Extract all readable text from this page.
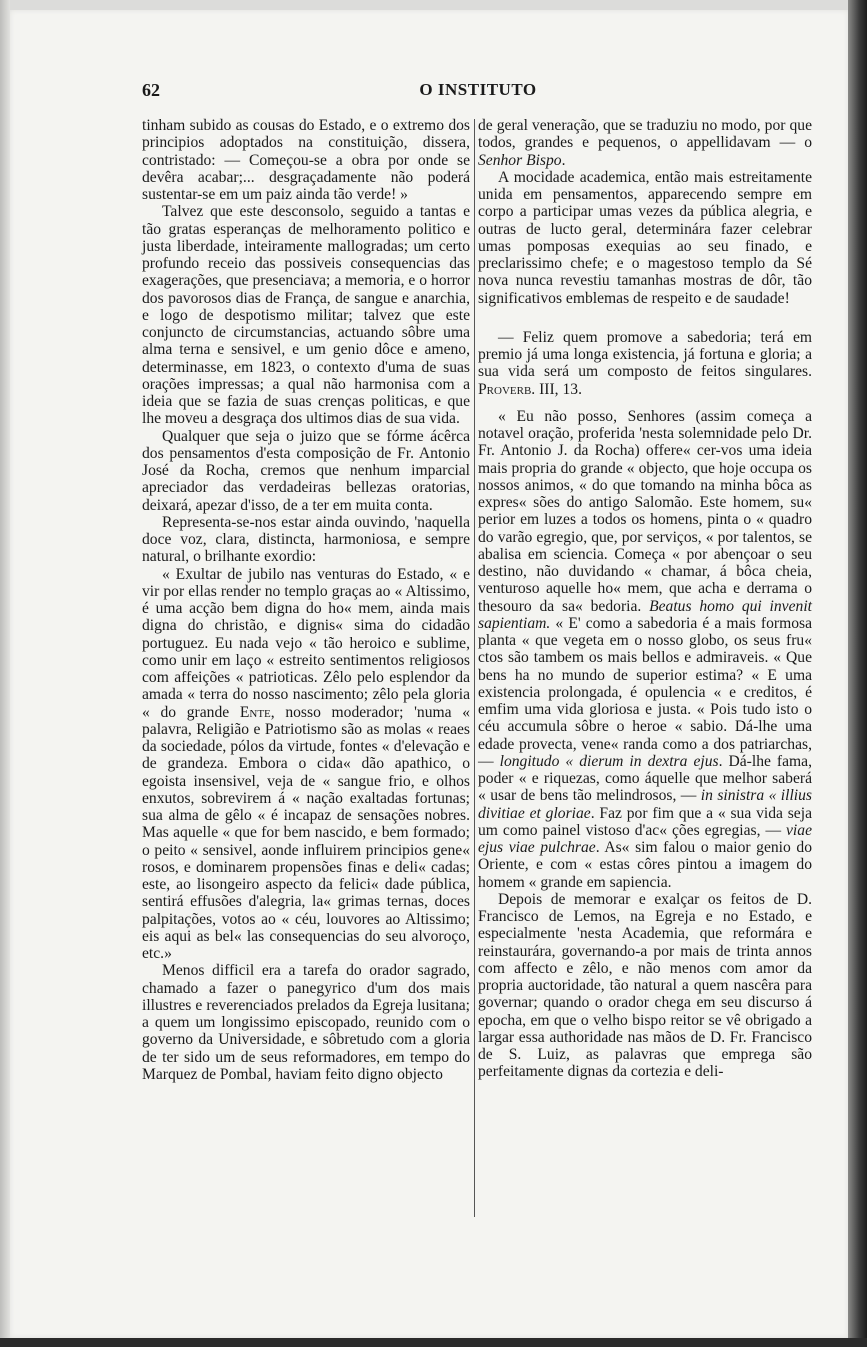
62	O INSTITUTO

tinham subido as cousas do Estado, e o extremo dos principios adoptados na constituição, dissera, contristado: — Começou-se a obra por onde se devêra acabar;... desgraçadamente não poderá sustentar-se em um paiz ainda tão verde! »

Talvez que este desconsolo, seguido a tantas e tão gratas esperanças de melhoramento politico e justa liberdade, inteiramente mallogradas; um certo profundo receio das possiveis consequencias das exagerações, que presenciava; a memoria, e o horror dos pavorosos dias de França, de sangue e anarchia, e logo de despotismo militar; talvez que este conjuncto de circumstancias, actuando sôbre uma alma terna e sensivel, e um genio dôce e ameno, determinasse, em 1823, o contexto d'uma de suas orações impressas; a qual não harmonisa com a ideia que se fazia de suas crenças politicas, e que lhe moveu a desgraça dos ultimos dias de sua vida.

Qualquer que seja o juizo que se fórme ácêrca dos pensamentos d'esta composição de Fr. Antonio José da Rocha, cremos que nenhum imparcial apreciador das verdadeiras bellezas oratorias, deixará, apezar d'isso, de a ter em muita conta.

Representa-se-nos estar ainda ouvindo, 'naquella doce voz, clara, distincta, harmoniosa, e sempre natural, o brilhante exordio:

« Exultar de jubilo nas venturas do Estado, « e vir por ellas render no templo graças ao « Altissimo, é uma acção bem digna do ho« mem, ainda mais digna do christão, e dignis« sima do cidadão portuguez. Eu nada vejo « tão heroico e sublime, como unir em laço « estreito sentimentos religiosos com affeições « patrioticas. Zêlo pelo esplendor da amada « terra do nosso nascimento; zêlo pela gloria « do grande Ente, nosso moderador; 'numa « palavra, Religião e Patriotismo são as molas « reaes da sociedade, pólos da virtude, fontes « d'elevação e de grandeza. Embora o cida« dão apathico, o egoista insensivel, veja de « sangue frio, e olhos enxutos, sobrevirem á « nação exaltadas fortunas; sua alma de gêlo « é incapaz de sensações nobres. Mas aquelle « que for bem nascido, e bem formado; o peito « sensivel, aonde influirem principios gene« rosos, e dominarem propensões finas e deli« cadas; este, ao lisongeiro aspecto da felici« dade pública, sentirá effusões d'alegria, la« grimas ternas, doces palpitações, votos ao « céu, louvores ao Altissimo; eis aqui as bel« las consequencias do seu alvoroço, etc.»

Menos difficil era a tarefa do orador sagrado, chamado a fazer o panegyrico d'um dos mais illustres e reverenciados prelados da Egreja lusitana; a quem um longissimo episcopado, reunido com o governo da Universidade, e sôbretudo com a gloria de ter sido um de seus reformadores, em tempo do Marquez de Pombal, haviam feito digno objecto

de geral veneração, que se traduziu no modo, por que todos, grandes e pequenos, o appellidavam — o Senhor Bispo.

A mocidade academica, então mais estreitamente unida em pensamentos, apparecendo sempre em corpo a participar umas vezes da pública alegria, e outras de lucto geral, determinára fazer celebrar umas pomposas exequias ao seu finado, e preclarissimo chefe; e o magestoso templo da Sé nova nunca revestiu tamanhas mostras de dôr, tão significativos emblemas de respeito e de saudade!

— Feliz quem promove a sabedoria; terá em premio já uma longa existencia, já fortuna e gloria; a sua vida será um composto de feitos singulares. Proverb. III, 13.

« Eu não posso, Senhores (assim começa a notavel oração, proferida 'nesta solemnidade pelo Dr. Fr. Antonio J. da Rocha) offere« cer-vos uma ideia mais propria do grande « objecto, que hoje occupa os nossos animos, « do que tomando na minha bôca as expres« sões do antigo Salomão. Este homem, su« perior em luzes a todos os homens, pinta o « quadro do varão egregio, que, por serviços, « por talentos, se abalisa em sciencia. Começa « por abençoar o seu destino, não duvidando « chamar, á bôca cheia, venturoso aquelle ho« mem, que acha e derrama o thesouro da sa« bedoria. Beatus homo qui invenit sapientiam. « E' como a sabedoria é a mais formosa planta « que vegeta em o nosso globo, os seus fru« ctos são tambem os mais bellos e admiraveis. « Que bens ha no mundo de superior estima? « E uma existencia prolongada, é opulencia « e creditos, é emfim uma vida gloriosa e justa. « Pois tudo isto o céu accumula sôbre o heroe « sabio. Dá-lhe uma edade provecta, vene« randa como a dos patriarchas, — longitudo « dierum in dextra ejus. Dá-lhe fama, poder « e riquezas, como áquelle que melhor saberá « usar de bens tão melindrosos, — in sinistra « illius divitiae et gloriae. Faz por fim que a « sua vida seja um como painel vistoso d'ac« ções egregias, — viae ejus viae pulchrae. As« sim falou o maior genio do Oriente, e com « estas côres pintou a imagem do homem « grande em sapiencia.

Depois de memorar e exalçar os feitos de D. Francisco de Lemos, na Egreja e no Estado, e especialmente 'nesta Academia, que reformára e reinstaurára, governando-a por mais de trinta annos com affecto e zêlo, e não menos com amor da propria auctoridade, tão natural a quem nascêra para governar; quando o orador chega em seu discurso á epocha, em que o velho bispo reitor se vê obrigado a largar essa authoridade nas mãos de D. Fr. Francisco de S. Luiz, as palavras que emprega são perfeitamente dignas da cortezia e deli-
